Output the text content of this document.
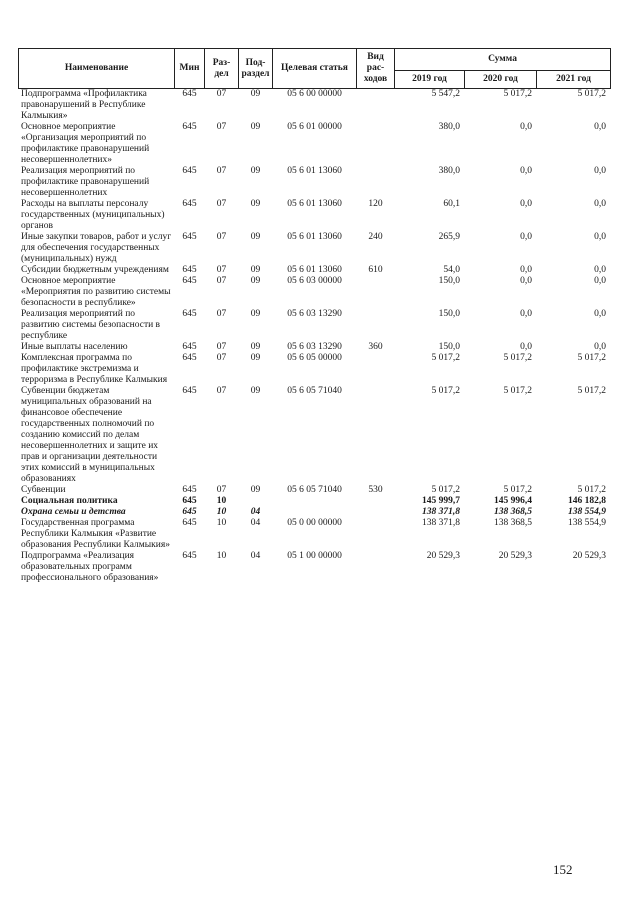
Наименование	Мин	Раз-дел	Под-раздел	Целевая статья	Вид рас-ходов	Сумма		
						2019 год	2020 год	2021 год
Подпрограмма «Профилактика правонарушений в Республике Калмыкия»	645	07	09	05 6 00 00000		5 547,2	5 017,2	5 017,2
Основное мероприятие «Организация мероприятий по профилактике правонарушений несовершеннолетних»	645	07	09	05 6 01 00000		380,0	0,0	0,0
Реализация мероприятий по профилактике правонарушений несовершеннолетних	645	07	09	05 6 01 13060		380,0	0,0	0,0
Расходы на выплаты персоналу государственных (муниципальных) органов	645	07	09	05 6 01 13060	120	60,1	0,0	0,0
Иные закупки товаров, работ и услуг для обеспечения государственных (муниципальных) нужд	645	07	09	05 6 01 13060	240	265,9	0,0	0,0
Субсидии бюджетным учреждениям	645	07	09	05 6 01 13060	610	54,0	0,0	0,0
Основное мероприятие «Мероприятия по развитию системы безопасности в республике»	645	07	09	05 6 03 00000		150,0	0,0	0,0
Реализация мероприятий по развитию системы безопасности в республике	645	07	09	05 6 03 13290		150,0	0,0	0,0
Иные выплаты населению	645	07	09	05 6 03 13290	360	150,0	0,0	0,0
Комплексная программа по профилактике экстремизма и терроризма в Республике Калмыкия	645	07	09	05 6 05 00000		5 017,2	5 017,2	5 017,2
Субвенции бюджетам муниципальных образований на финансовое обеспечение государственных полномочий по созданию комиссий по делам несовершеннолетних и защите их прав и организации деятельности этих комиссий в муниципальных образованиях	645	07	09	05 6 05 71040		5 017,2	5 017,2	5 017,2
Субвенции	645	07	09	05 6 05 71040	530	5 017,2	5 017,2	5 017,2
Социальная политика	645	10				145 999,7	145 996,4	146 182,8
Охрана семьи и детства	645	10	04			138 371,8	138 368,5	138 554,9
Государственная программа Республики Калмыкия «Развитие образования Республики Калмыкия»	645	10	04	05 0 00 00000		138 371,8	138 368,5	138 554,9
Подпрограмма «Реализация образовательных программ профессионального образования»	645	10	04	05 1 00 00000		20 529,3	20 529,3	20 529,3
152
